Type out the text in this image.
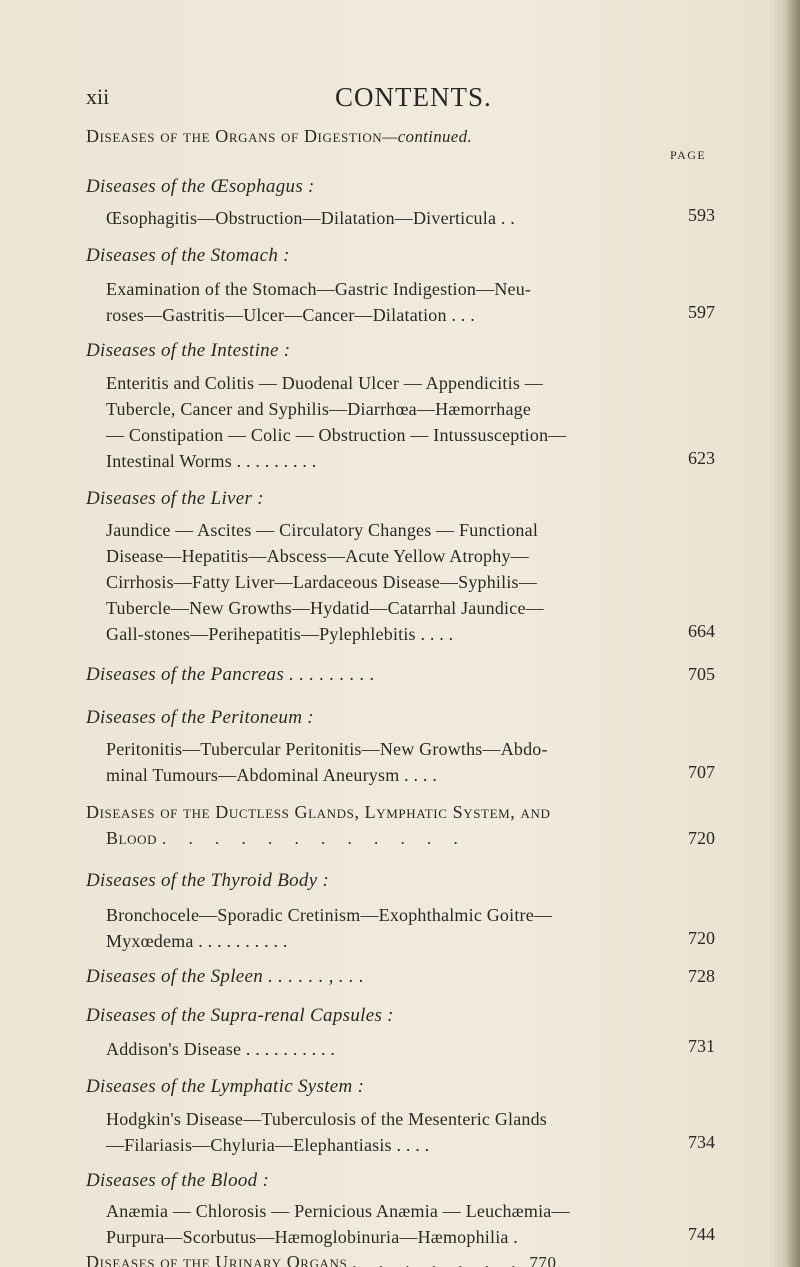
xii	CONTENTS.
Diseases of the Organs of Digestion—continued.
PAGE
Diseases of the Œsophagus :
Œsophagitis—Obstruction—Dilatation—Diverticula . .	593
Diseases of the Stomach :
Examination of the Stomach—Gastric Indigestion—Neu-
roses—Gastritis—Ulcer—Cancer—Dilatation . . .	597
Diseases of the Intestine :
Enteritis and Colitis — Duodenal Ulcer — Appendicitis —
Tubercle, Cancer and Syphilis—Diarrhœa—Hæmorrhage
— Constipation — Colic — Obstruction — Intussusception—
Intestinal Worms . . . . . . . . .	623
Diseases of the Liver :
Jaundice — Ascites — Circulatory Changes — Functional
Disease—Hepatitis—Abscess—Acute Yellow Atrophy—
Cirrhosis—Fatty Liver—Lardaceous Disease—Syphilis—
Tubercle—New Growths—Hydatid—Catarrhal Jaundice—
Gall-stones—Perihepatitis—Pylephlebitis . . . .	664
Diseases of the Pancreas . . . . . . . . .	705
Diseases of the Peritoneum :
Peritonitis—Tubercular Peritonitis—New Growths—Abdo-
minal Tumours—Abdominal Aneurysm . . . .	707
Diseases of the Ductless Glands, Lymphatic System, and
Blood . . . . . . . . . . . .	720
Diseases of the Thyroid Body :
Bronchocele—Sporadic Cretinism—Exophthalmic Goitre—
Myxœdema . . . . . . . . . .	720
Diseases of the Spleen . . . . . . , . . .	728
Diseases of the Supra-renal Capsules :
Addison's Disease . . . . . . . . . .	731
Diseases of the Lymphatic System :
Hodgkin's Disease—Tuberculosis of the Mesenteric Glands
—Filariasis—Chyluria—Elephantiasis . . . .	734
Diseases of the Blood :
Anæmia — Chlorosis — Pernicious Anæmia — Leuchæmia—
Purpura—Scorbutus—Hæmoglobinuria—Hæmophilia .	744
Diseases of the Urinary Organs . . . . . . . 770
